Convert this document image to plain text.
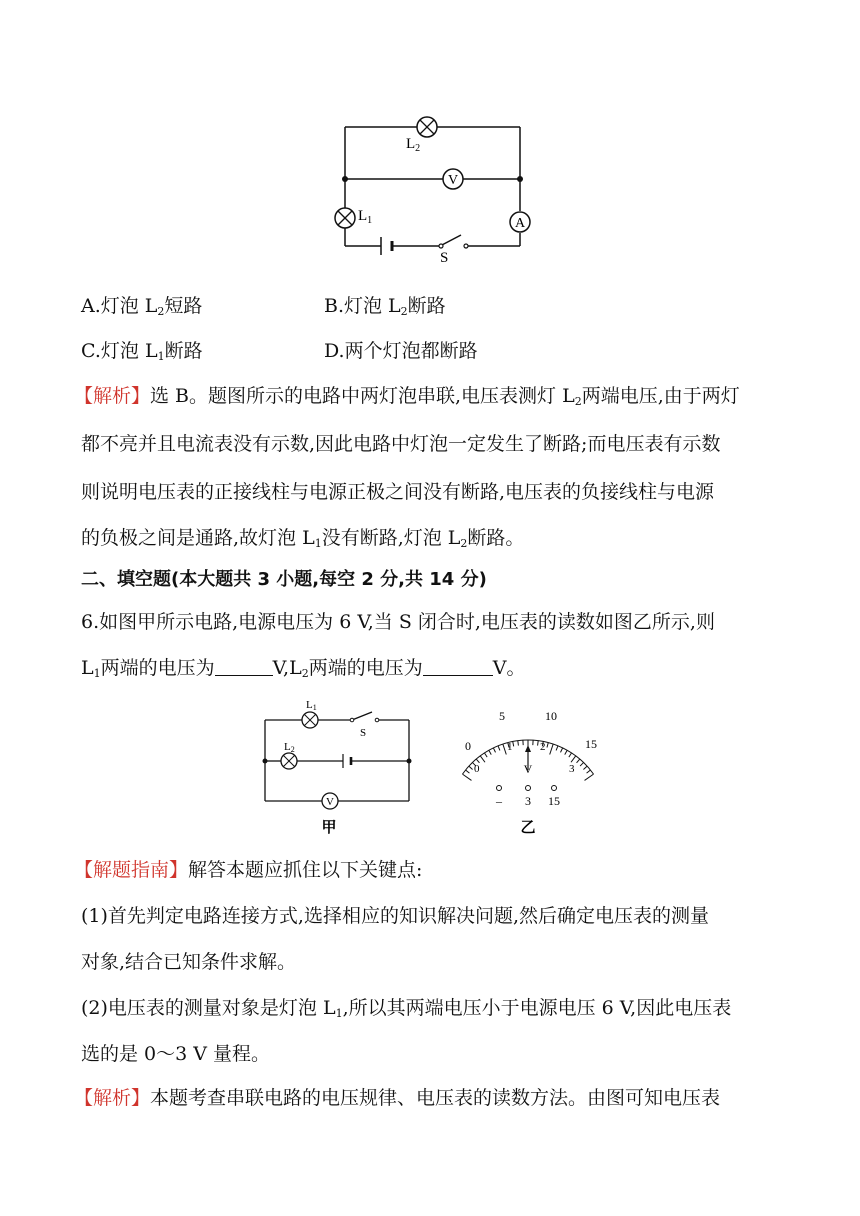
V
A
$L_2$
$L_1$
S
A.灯泡 $L_2$短路	B.灯泡 $L_2$断路
C.灯泡 $L_1$断路	D.两个灯泡都断路
【解析】选 B。题图所示的电路中两灯泡串联,电压表测灯 $L_2$两端电压,由于两灯
都不亮并且电流表没有示数,因此电路中灯泡一定发生了断路;而电压表有示数
则说明电压表的正接线柱与电源正极之间没有断路,电压表的负接线柱与电源
的负极之间是通路,故灯泡 $L_1$没有断路,灯泡 $L_2$断路。
二、填空题(本大题共 3 小题,每空 2 分,共 14 分)
6.如图甲所示电路,电源电压为 6 V,当 S 闭合时,电压表的读数如图乙所示,则
$L_1$两端的电压为	$V,L_2$两端的电压为	V。
V
L1
L2
S
甲
0
5	10
15
0
1	2
3
V
– 3 15
乙
【解题指南】解答本题应抓住以下关键点:
(1)首先判定电路连接方式,选择相应的知识解决问题,然后确定电压表的测量
对象,结合已知条件求解。
(2)电压表的测量对象是灯泡 $L_1$,所以其两端电压小于电源电压 6 V,因此电压表
选的是 0～3 V 量程。
【解析】本题考查串联电路的电压规律、电压表的读数方法。由图可知电压表
